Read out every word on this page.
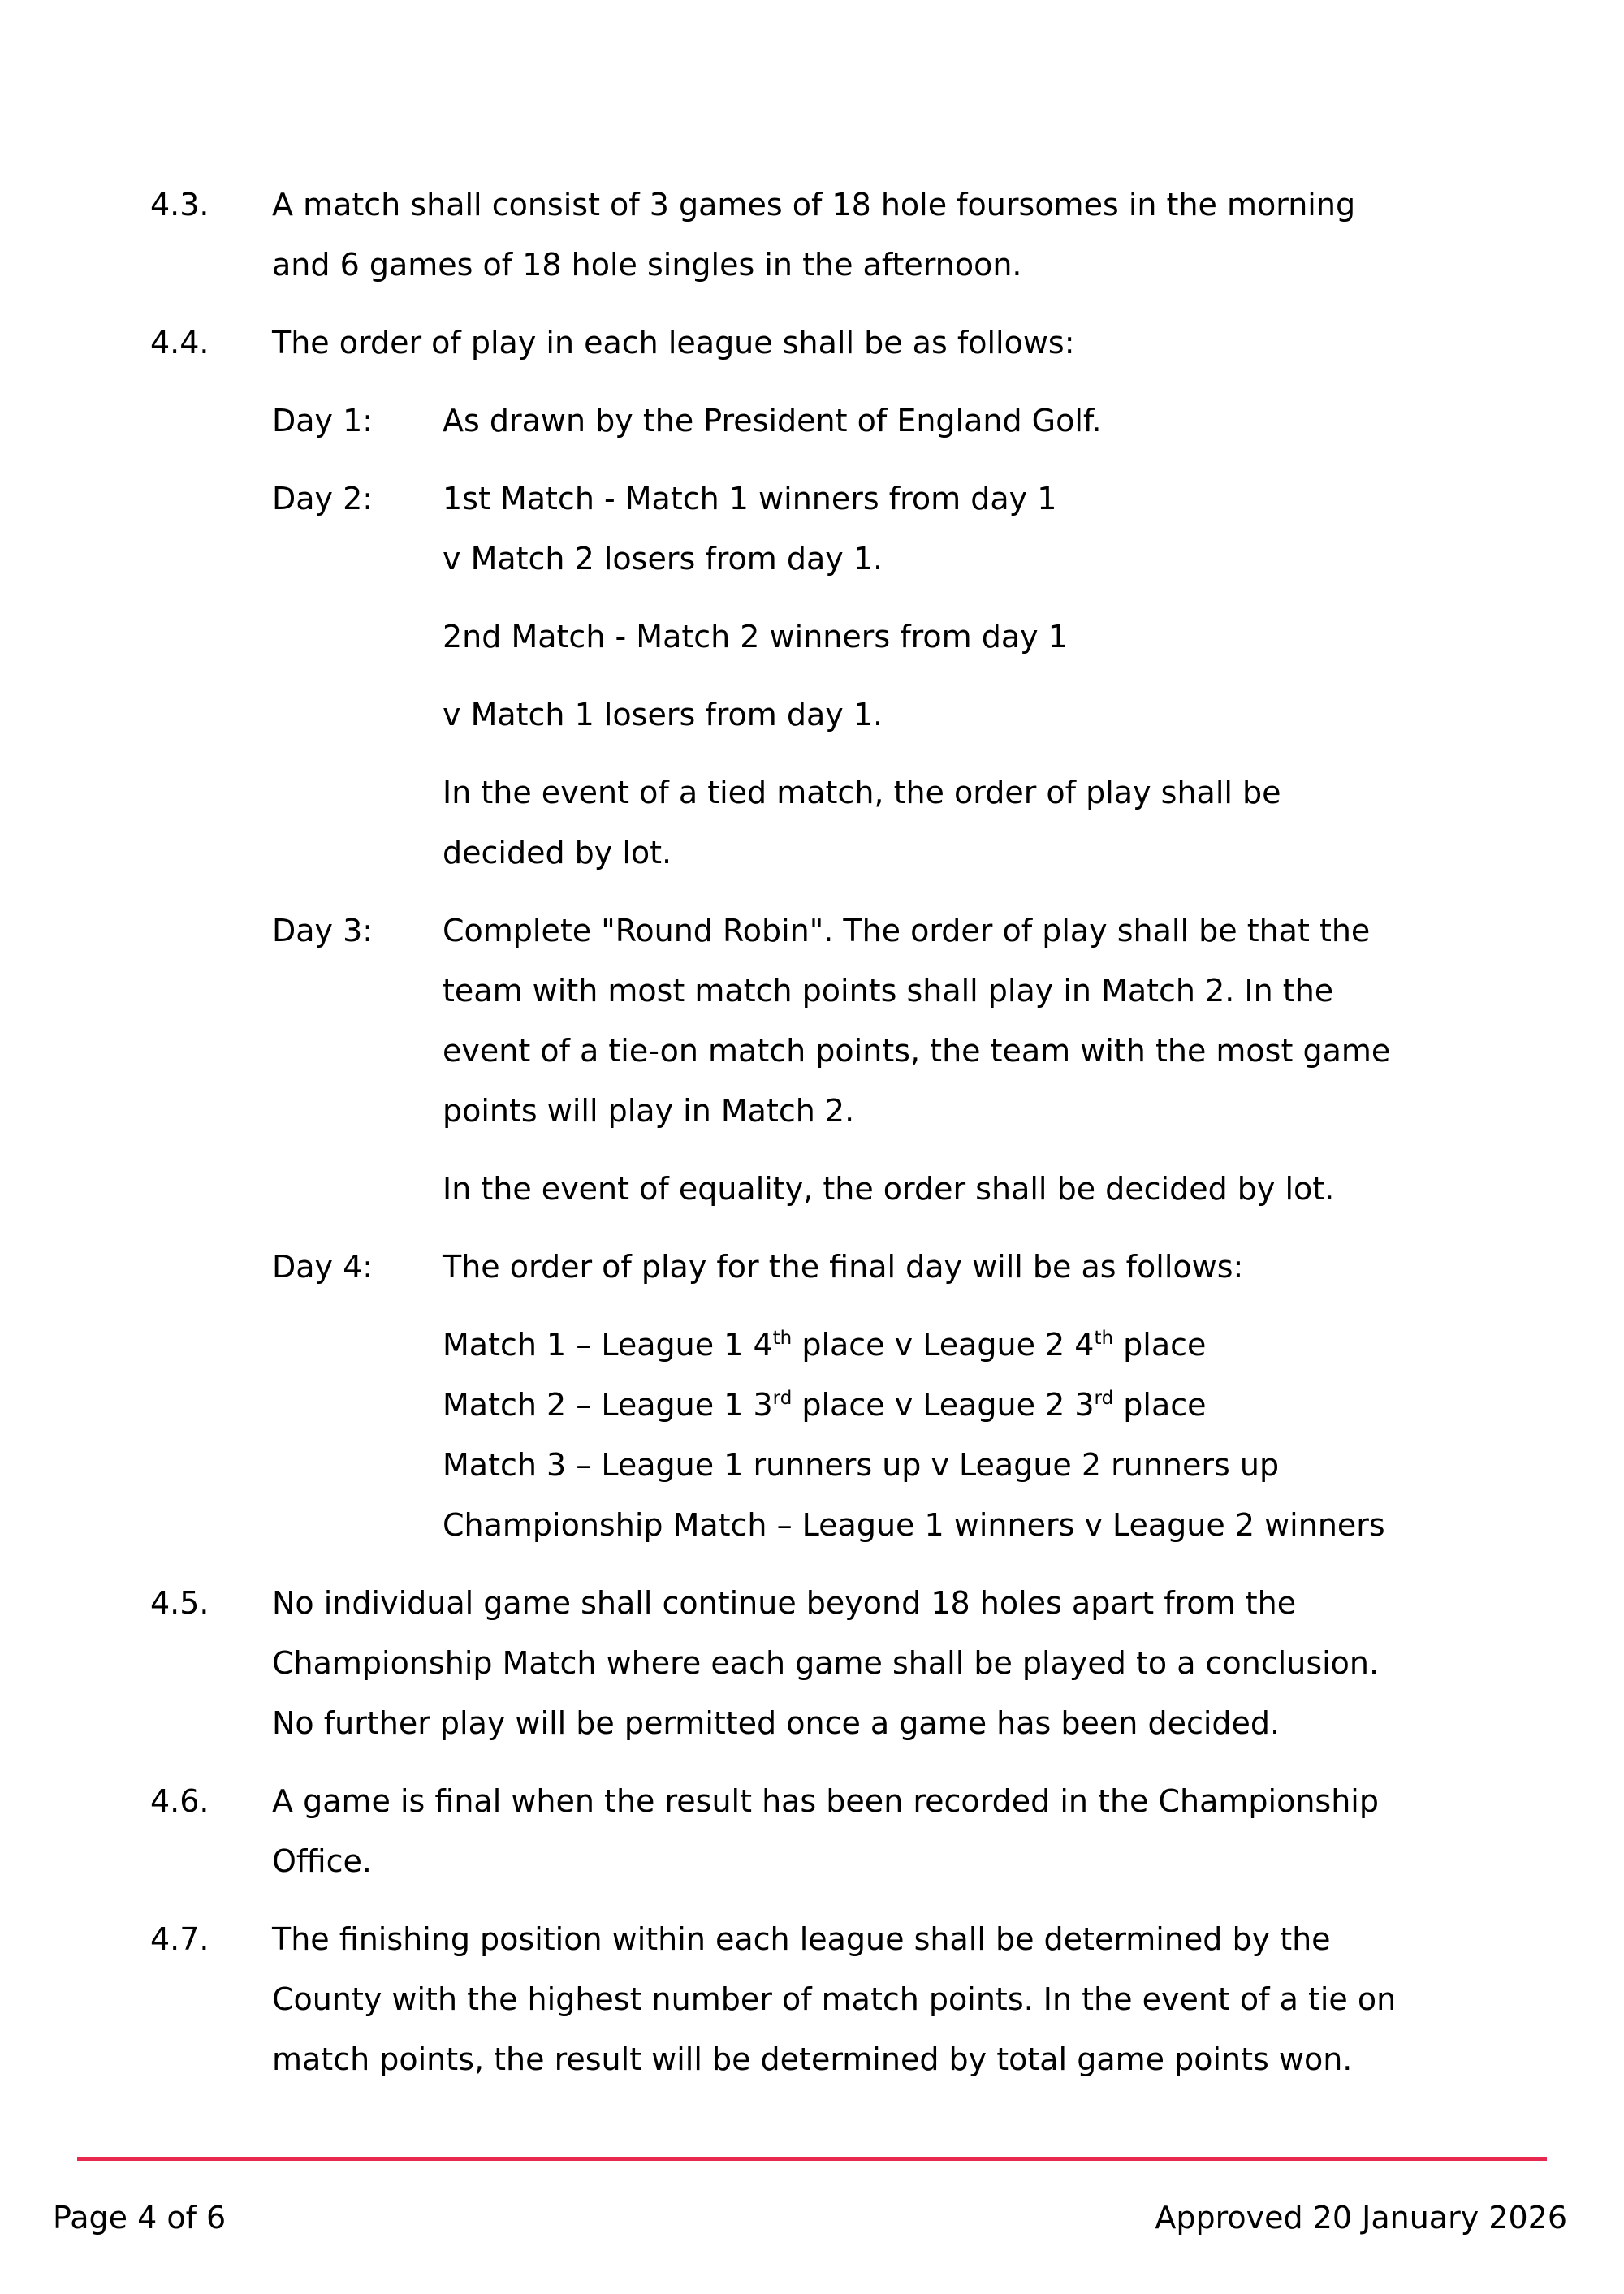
4.3.	A match shall consist of 3 games of 18 hole foursomes in the morning
and 6 games of 18 hole singles in the afternoon.
4.4.	The order of play in each league shall be as follows:
Day 1:	As drawn by the President of England Golf.
Day 2:	1st Match - Match 1 winners from day 1
v Match 2 losers from day 1.
2nd Match - Match 2 winners from day 1
v Match 1 losers from day 1.
In the event of a tied match, the order of play shall be
decided by lot.
Day 3:	Complete "Round Robin". The order of play shall be that the
team with most match points shall play in Match 2. In the
event of a tie-on match points, the team with the most game
points will play in Match 2.
In the event of equality, the order shall be decided by lot.
Day 4:	The order of play for the final day will be as follows:
Match 1 – League 1 4th place v League 2 4th place
Match 2 – League 1 3rd place v League 2 3rd place
Match 3 – League 1 runners up v League 2 runners up
Championship Match – League 1 winners v League 2 winners
4.5.	No individual game shall continue beyond 18 holes apart from the
Championship Match where each game shall be played to a conclusion.
No further play will be permitted once a game has been decided.
4.6.	A game is final when the result has been recorded in the Championship
Office.
4.7.	The finishing position within each league shall be determined by the
County with the highest number of match points. In the event of a tie on
match points, the result will be determined by total game points won.
Page 4 of 6	Approved 20 January 2026
